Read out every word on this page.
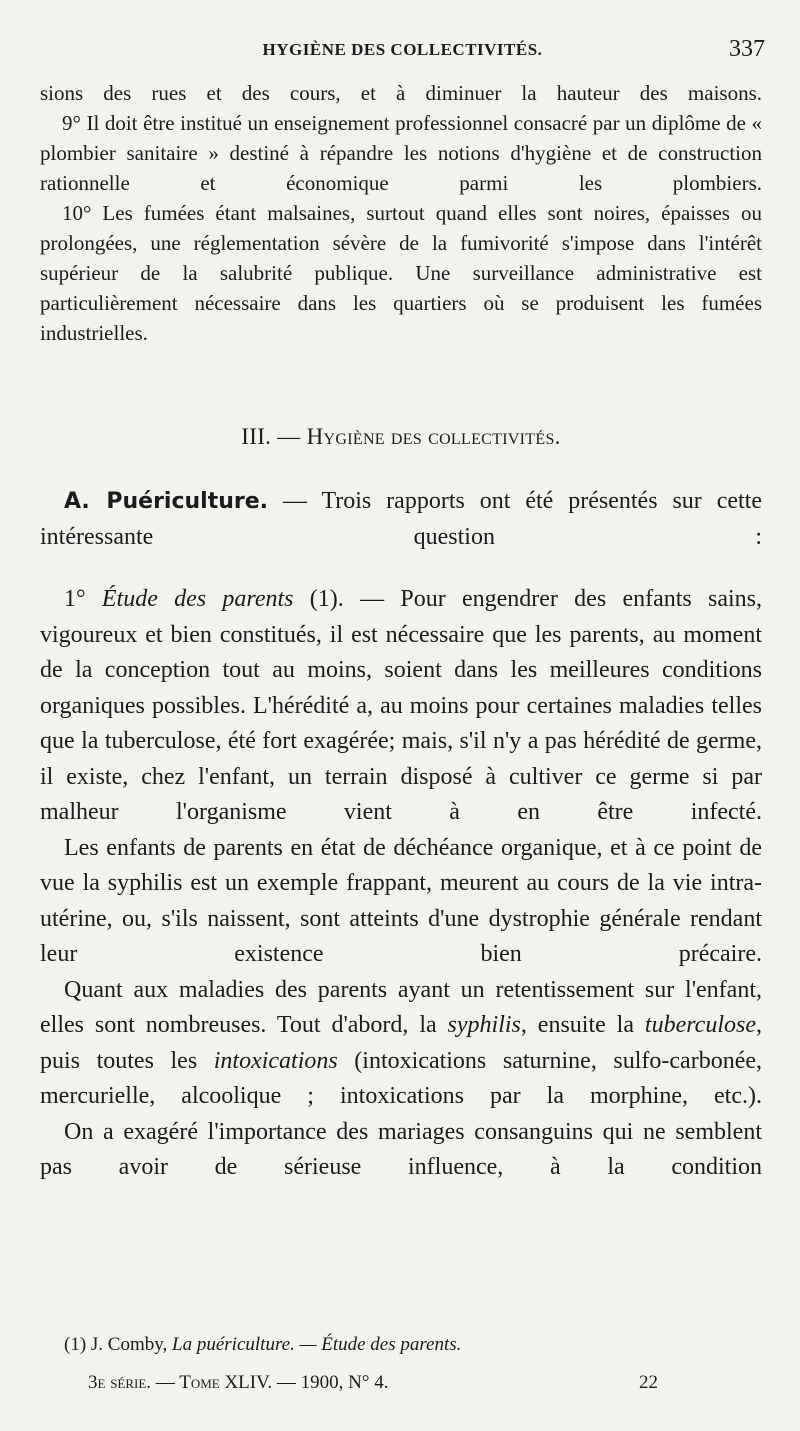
HYGIÈNE DES COLLECTIVITÉS.	337

sions des rues et des cours, et à diminuer la hauteur des maisons.

9° Il doit être institué un enseignement professionnel consacré par un diplôme de « plombier sanitaire » destiné à répandre les notions d'hygiène et de construction rationnelle et économique parmi les plombiers.

10° Les fumées étant malsaines, surtout quand elles sont noires, épaisses ou prolongées, une réglementation sévère de la fumivorité s'impose dans l'intérêt supérieur de la salubrité publique. Une surveillance administrative est particulièrement nécessaire dans les quartiers où se produisent les fumées industrielles.

III. — Hygiène des collectivités.

A. Puériculture. — Trois rapports ont été présentés sur cette intéressante question :

1° Étude des parents (1). — Pour engendrer des enfants sains, vigoureux et bien constitués, il est nécessaire que les parents, au moment de la conception tout au moins, soient dans les meilleures conditions organiques possibles. L'hérédité a, au moins pour certaines maladies telles que la tuberculose, été fort exagérée; mais, s'il n'y a pas hérédité de germe, il existe, chez l'enfant, un terrain disposé à cultiver ce germe si par malheur l'organisme vient à en être infecté.

Les enfants de parents en état de déchéance organique, et à ce point de vue la syphilis est un exemple frappant, meurent au cours de la vie intra-utérine, ou, s'ils naissent, sont atteints d'une dystrophie générale rendant leur existence bien précaire.

Quant aux maladies des parents ayant un retentissement sur l'enfant, elles sont nombreuses. Tout d'abord, la syphilis, ensuite la tuberculose, puis toutes les intoxications (intoxications saturnine, sulfo-carbonée, mercurielle, alcoolique ; intoxications par la morphine, etc.).

On a exagéré l'importance des mariages consanguins qui ne semblent pas avoir de sérieuse influence, à la condition

(1) J. Comby, La puériculture. — Étude des parents.
3e série. — Tome XLIV. — 1900, N° 4.	22
